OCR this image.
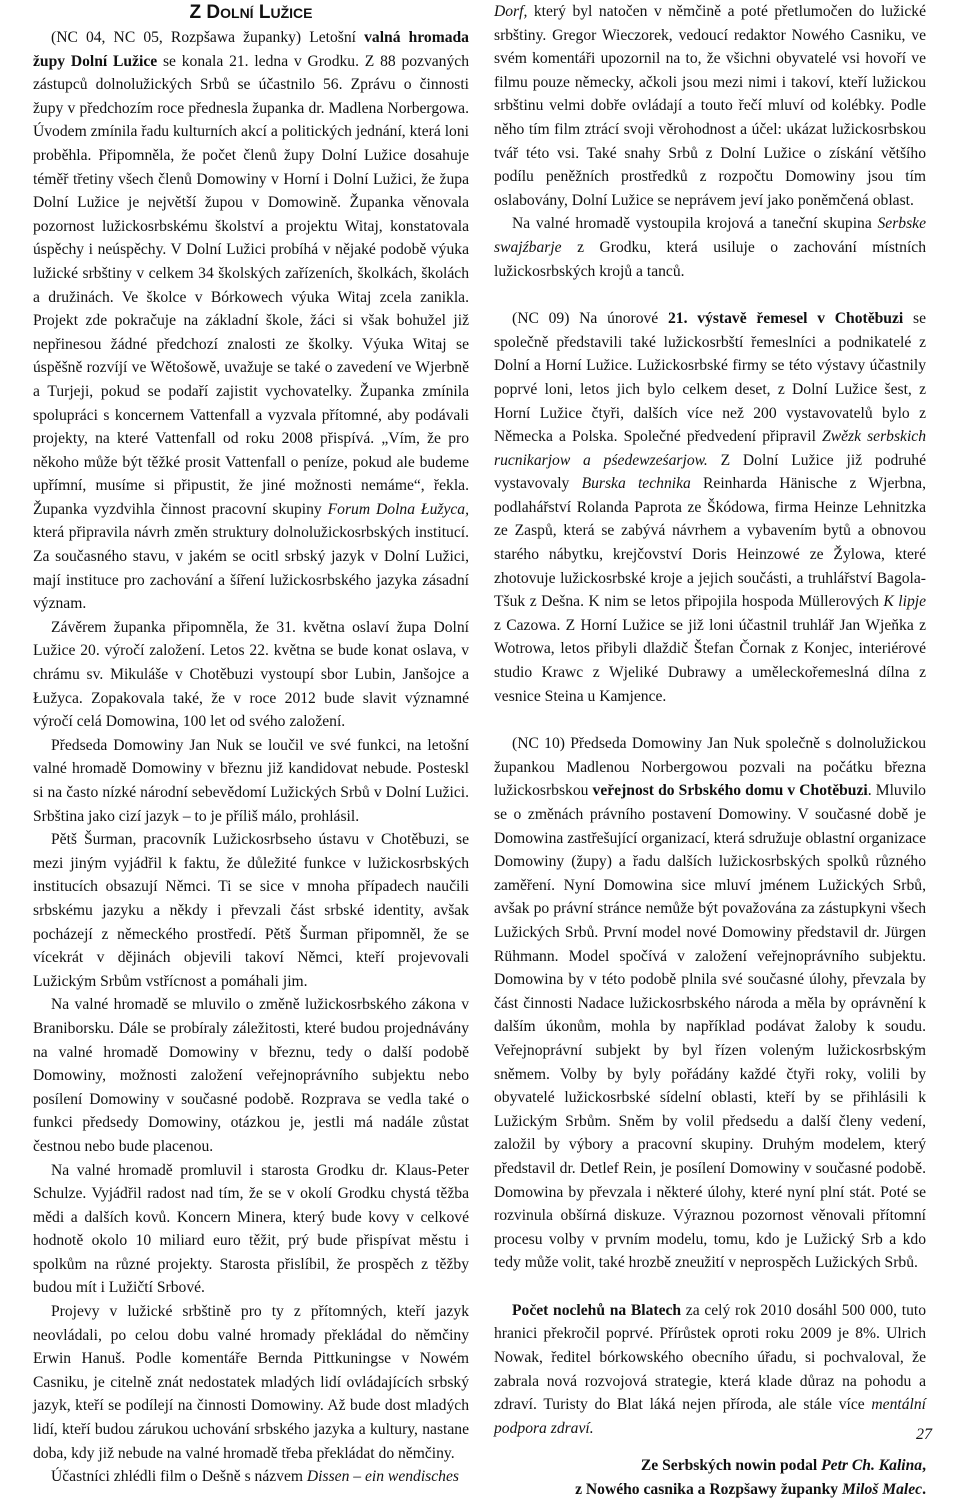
Z DOLNÍ LUŽICE

(NC 04, NC 05, Rozpšawa županky) Letošní valná hromada župy Dolní Lužice se konala 21. ledna v Grodku. Z 88 pozvaných zástupců dolnolužických Srbů se účastnilo 56. Zprávu o činnosti župy v předchozím roce přednesla županka dr. Madlena Norbergowa. Úvodem zmínila řadu kulturních akcí a politických jednání, která loni proběhla. Připomněla, že počet členů župy Dolní Lužice dosahuje téměř třetiny všech členů Domowiny v Horní i Dolní Lužici, že župa Dolní Lužice je největší župou v Domowině. Županka věnovala pozornost lužickosrbskému školství a projektu Witaj, konstatovala úspěchy i neúspěchy. V Dolní Lužici probíhá v nějaké podobě výuka lužické srbštiny v celkem 34 školských zařízeních, školkách, školách a družinách. Ve školce v Bórkowech výuka Witaj zcela zanikla. Projekt zde pokračuje na základní škole, žáci si však bohužel již nepřinesou žádné předchozí znalosti ze školky. Výuka Witaj se úspěšně rozvíjí ve Wětošowě, uvažuje se také o zavedení ve Wjerbně a Turjeji, pokud se podaří zajistit vychovatelky. Županka zmínila spolupráci s koncernem Vattenfall a vyzvala přítomné, aby podávali projekty, na které Vattenfall od roku 2008 přispívá. „Vím, že pro někoho může být těžké prosit Vattenfall o peníze, pokud ale budeme upřímní, musíme si připustit, že jiné možnosti nemáme“, řekla. Županka vyzdvihla činnost pracovní skupiny Forum Dolna Łužyca, která připravila návrh změn struktury dolnolužickosrbských institucí. Za současného stavu, v jakém se ocitl srbský jazyk v Dolní Lužici, mají instituce pro zachování a šíření lužickosrbského jazyka zásadní význam.

Závěrem županka připomněla, že 31. května oslaví župa Dolní Lužice 20. výročí založení. Letos 22. května se bude konat oslava, v chrámu sv. Mikuláše v Chotěbuzi vystoupí sbor Lubin, Janšojce a Łužyca. Zopakovala také, že v roce 2012 bude slavit významné výročí celá Domowina, 100 let od svého založení.

Předseda Domowiny Jan Nuk se loučil ve své funkci, na letošní valné hromadě Domowiny v březnu již kandidovat nebude. Posteskl si na často nízké národní sebevědomí Lužických Srbů v Dolní Lužici. Srbština jako cizí jazyk – to je příliš málo, prohlásil.

Pětš Šurman, pracovník Lužickosrbseho ústavu v Chotěbuzi, se mezi jiným vyjádřil k faktu, že důležité funkce v lužickosrbských institucích obsazují Němci. Ti se sice v mnoha případech naučili srbskému jazyku a někdy i převzali část srbské identity, avšak pocházejí z německého prostředí. Pětš Šurman připomněl, že se vícekrát v dějinách objevili takoví Němci, kteří projevovali Lužickým Srbům vstřícnost a pomáhali jim.

Na valné hromadě se mluvilo o změně lužickosrbského zákona v Braniborsku. Dále se probíraly záležitosti, které budou projednávány na valné hromadě Domowiny v březnu, tedy o další podobě Domowiny, možnosti založení veřejnoprávního subjektu nebo posílení Domowiny v současné podobě. Rozprava se vedla také o funkci předsedy Domowiny, otázkou je, jestli má nadále zůstat čestnou nebo bude placenou.

Na valné hromadě promluvil i starosta Grodku dr. Klaus-Peter Schulze. Vyjádřil radost nad tím, že se v okolí Grodku chystá těžba mědi a dalších kovů. Koncern Minera, který bude kovy v celkové hodnotě okolo 10 miliard euro těžit, prý bude přispívat městu i spolkům na různé projekty. Starosta přislíbil, že prospěch z těžby budou mít i Lužičtí Srbové.

Projevy v lužické srbštině pro ty z přítomných, kteří jazyk neovládali, po celou dobu valné hromady překládal do němčiny Erwin Hanuš. Podle komentáře Bernda Pittkuningse v Nowém Casniku, je citelně znát nedostatek mladých lidí ovládajících srbský jazyk, kteří se podílejí na činnosti Domowiny. Až bude dost mladých lidí, kteří budou zárukou uchování srbského jazyka a kultury, nastane doba, kdy již nebude na valné hromadě třeba překládat do němčiny.

Účastníci zhlédli film o Dešně s názvem Dissen – ein wendisches

Dorf, který byl natočen v němčině a poté přetlumočen do lužické srbštiny. Gregor Wieczorek, vedoucí redaktor Nowého Casniku, ve svém komentáři upozornil na to, že všichni obyvatelé vsi hovoří ve filmu pouze německy, ačkoli jsou mezi nimi i takoví, kteří lužickou srbštinu velmi dobře ovládají a touto řečí mluví od kolébky. Podle něho tím film ztrácí svoji věrohodnost a účel: ukázat lužickosrbskou tvář této vsi. Také snahy Srbů z Dolní Lužice o získání většího podílu peněžních prostředků z rozpočtu Domowiny jsou tím oslabovány, Dolní Lužice se neprávem jeví jako poněmčená oblast.

Na valné hromadě vystoupila krojová a taneční skupina Serbske swajźbarje z Grodku, která usiluje o zachování místních lužickosrbských krojů a tanců.

(NC 09) Na únorové 21. výstavě řemesel v Chotěbuzi se společně představili také lužickosrbští řemeslníci a podnikatelé z Dolní a Horní Lužice. Lužickosrbské firmy se této výstavy účastnily poprvé loni, letos jich bylo celkem deset, z Dolní Lužice šest, z Horní Lužice čtyři, dalších více než 200 vystavovatelů bylo z Německa a Polska. Společné předvedení připravil Zwězk serbskich rucnikarjow a pśedewześarjow. Z Dolní Lužice již podruhé vystavovaly Burska technika Reinharda Hänische z Wjerbna, podlahářství Rolanda Paprota ze Škódowa, firma Heinze Lehnitzka ze Zaspů, která se zabývá návrhem a vybavením bytů a obnovou starého nábytku, krejčovství Doris Heinzowé ze Žylowa, které zhotovuje lužickosrbské kroje a jejich součásti, a truhlářství Bagola-Tšuk z Dešna. K nim se letos připojila hospoda Müllerových K lipje z Cazowa. Z Horní Lužice se již loni účastnil truhlář Jan Wjeňka z Wotrowa, letos přibyli dlaždič Štefan Čornak z Konjec, interiérové studio Krawc z Wjeliké Dubrawy a uměleckořemeslná dílna z vesnice Steina u Kamjence.

(NC 10) Předseda Domowiny Jan Nuk společně s dolnolužickou župankou Madlenou Norbergowou pozvali na počátku března lužickosrbskou veřejnost do Srbského domu v Chotěbuzi. Mluvilo se o změnách právního postavení Domowiny. V současné době je Domowina zastřešující organizací, která sdružuje oblastní organizace Domowiny (župy) a řadu dalších lužickosrbských spolků různého zaměření. Nyní Domowina sice mluví jménem Lužických Srbů, avšak po právní stránce nemůže být považována za zástupkyni všech Lužických Srbů. První model nové Domowiny představil dr. Jürgen Rühmann. Model spočívá v založení veřejnoprávního subjektu. Domowina by v této podobě plnila své současné úlohy, převzala by část činnosti Nadace lužickosrbského národa a měla by oprávnění k dalším úkonům, mohla by například podávat žaloby k soudu. Veřejnoprávní subjekt by byl řízen voleným lužickosrbským sněmem. Volby by byly pořádány každé čtyři roky, volili by obyvatelé lužickosrbské sídelní oblasti, kteří by se přihlásili k Lužickým Srbům. Sněm by volil předsedu a další členy vedení, založil by výbory a pracovní skupiny. Druhým modelem, který představil dr. Detlef Rein, je posílení Domowiny v současné podobě. Domowina by převzala i některé úlohy, které nyní plní stát. Poté se rozvinula obšírná diskuze. Výraznou pozornost věnovali přítomní procesu volby v prvním modelu, tomu, kdo je Lužický Srb a kdo tedy může volit, také hrozbě zneužití v neprospěch Lužických Srbů.

Počet noclehů na Blatech za celý rok 2010 dosáhl 500 000, tuto hranici překročil poprvé. Přírůstek oproti roku 2009 je 8%. Ulrich Nowak, ředitel bórkowského obecního úřadu, si pochvaloval, že zabrala nová rozvojová strategie, která klade důraz na pohodu a zdraví. Turisty do Blat láká nejen příroda, ale stále více mentální podpora zdraví.

Ze Serbských nowin podal Petr Ch. Kalina,
z Nowého casnika a Rozpšawy županky Miloš Malec.

27
